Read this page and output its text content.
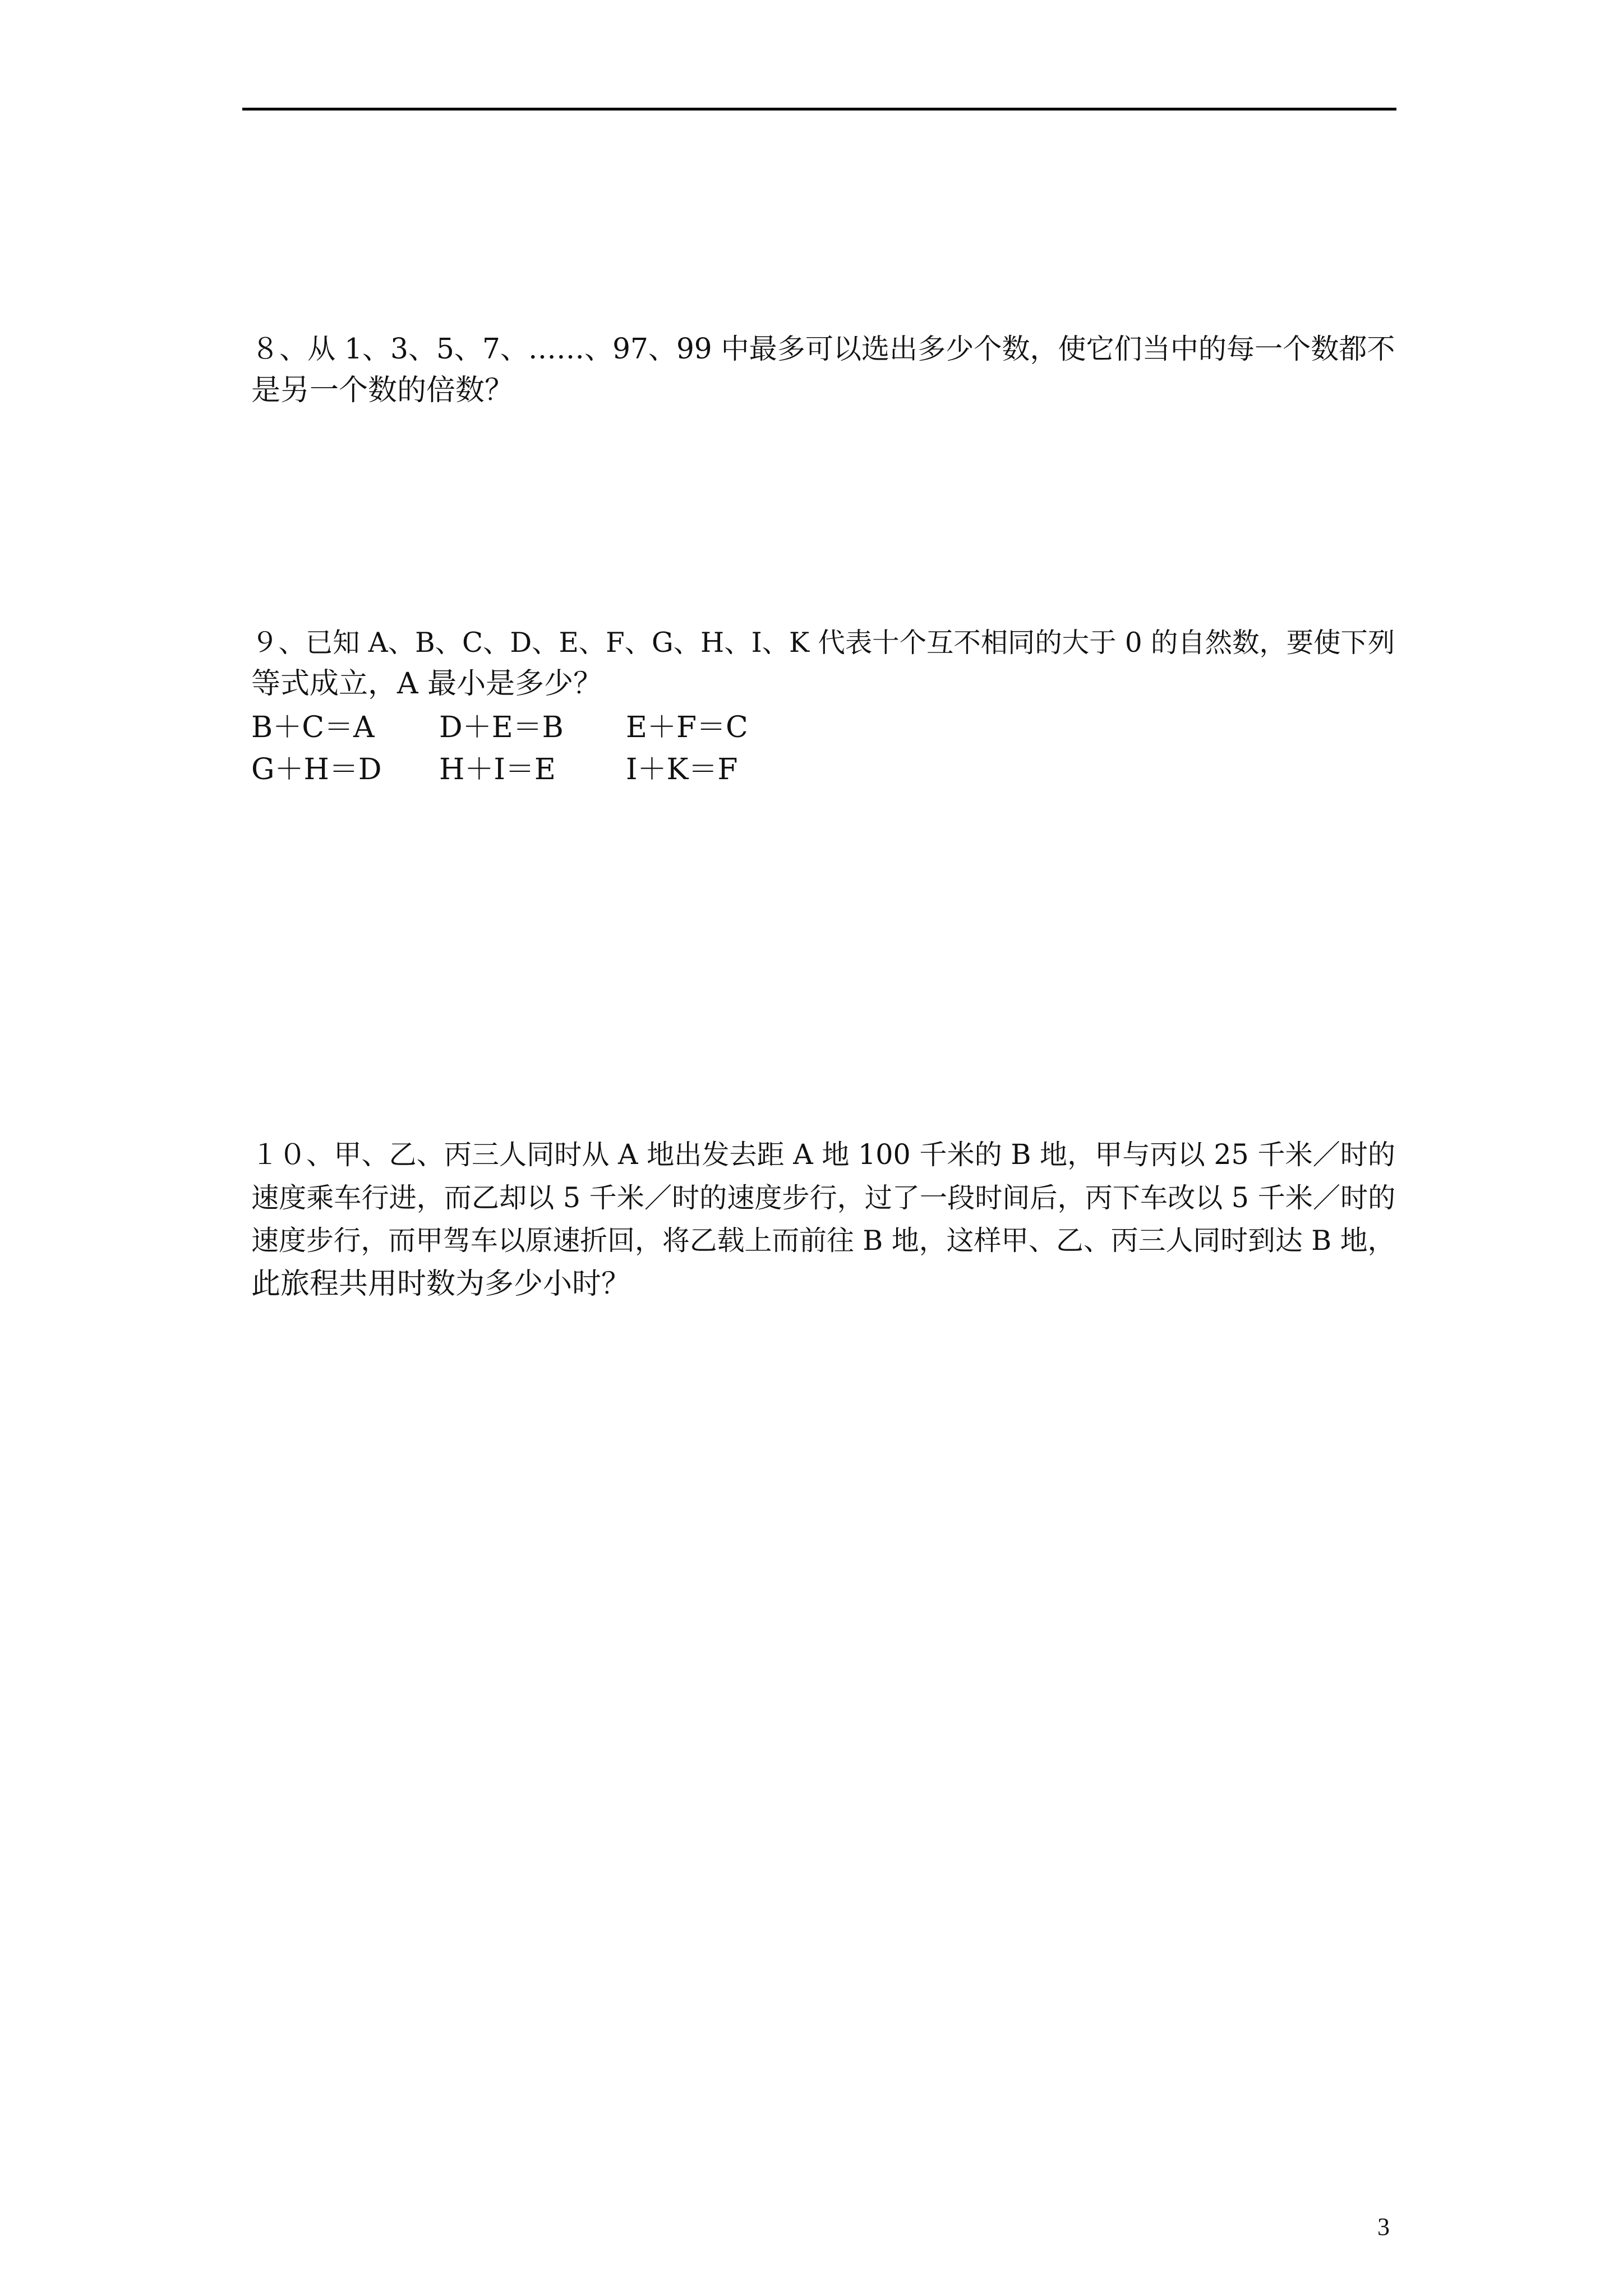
８、从 1、3、5、7、……、97、99 中最多可以选出多少个数，使它们当中的每一个数都不
是另一个数的倍数？
９、已知 A、B、C、D、E、F、G、H、I、K 代表十个互不相同的大于 0 的自然数，要使下列
等式成立，A 最小是多少？
B＋C＝A D＋E＝B E＋F＝C
G＋H＝D H＋I＝E I＋K＝F
１０、甲、乙、丙三人同时从 A 地出发去距 A 地 100 千米的 B 地，甲与丙以 25 千米／时的
速度乘车行进，而乙却以 5 千米／时的速度步行，过了一段时间后，丙下车改以 5 千米／时的
速度步行，而甲驾车以原速折回，将乙载上而前往 B 地，这样甲、乙、丙三人同时到达 B 地，
此旅程共用时数为多少小时？
3
